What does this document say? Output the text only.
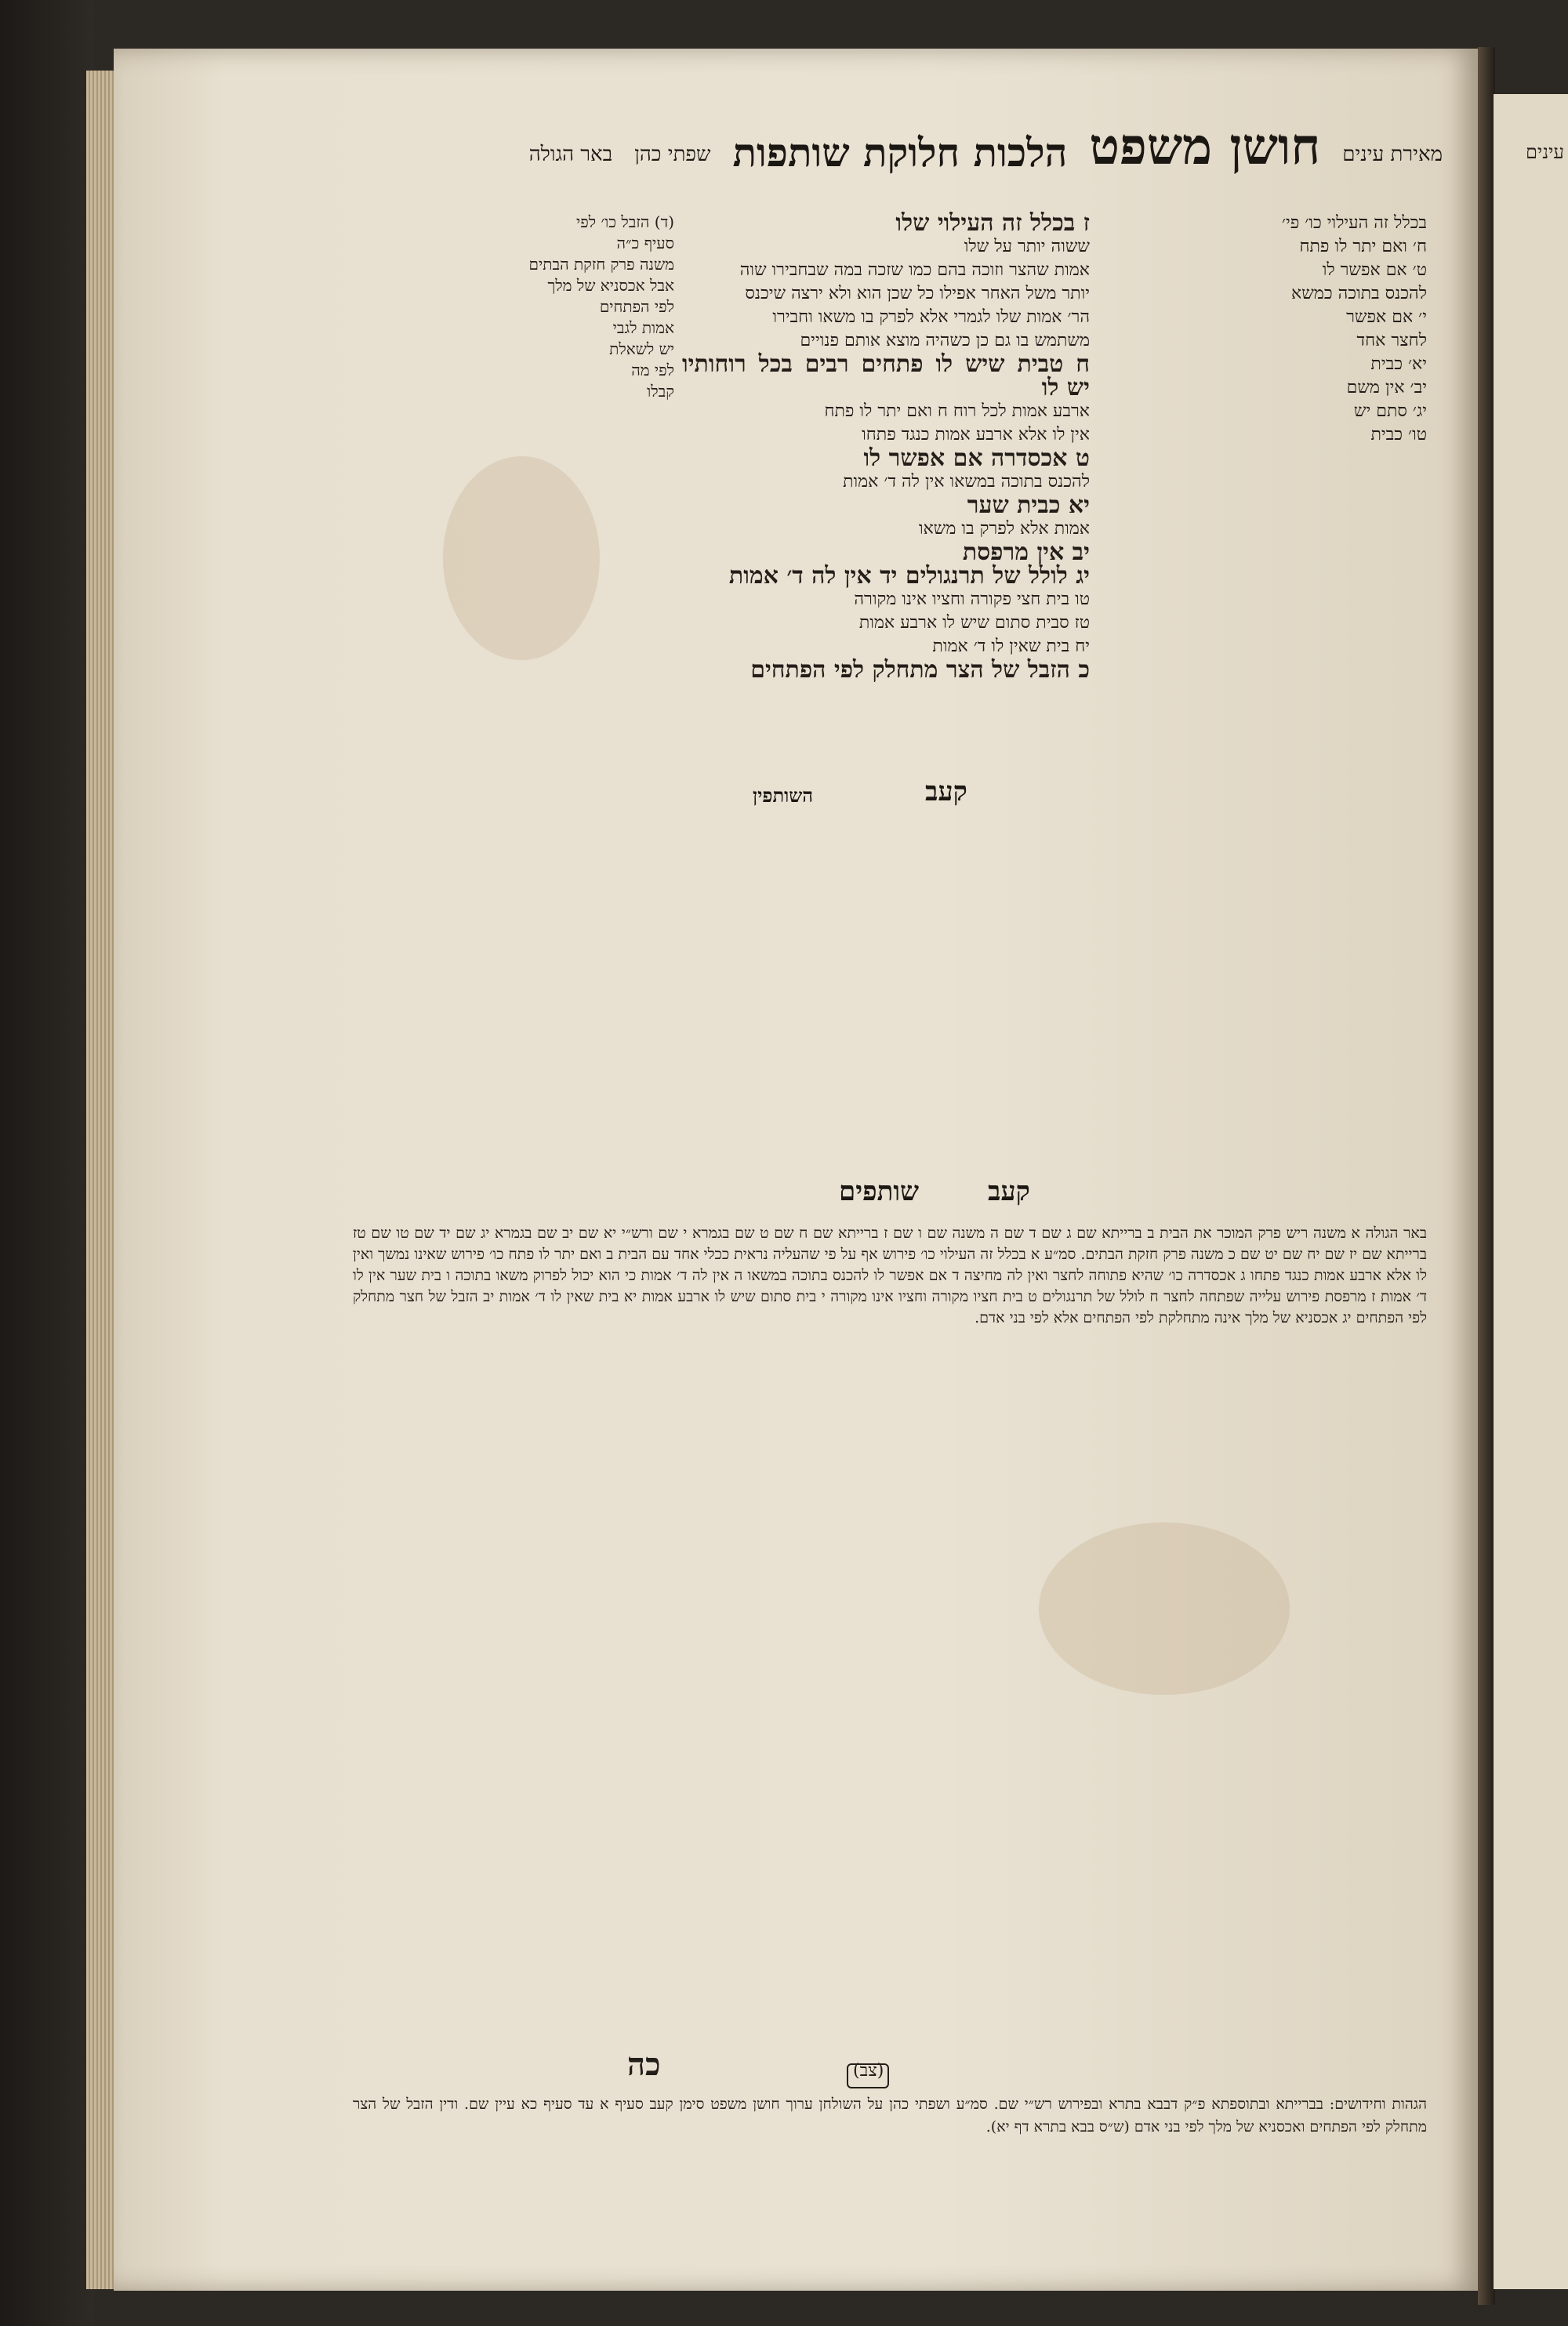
עינים
מאירת עינים
חושן משפט
הלכות חלוקת שותפות
שפתי כהן
באר הגולה
בכלל זה העילוי כו׳ פי׳
ח׳ ואם יתר לו פתח
ט׳ אם אפשר לו
להכנס בתוכה כמשא
י׳ אם אפשר
לחצר אחד
יא׳ כבית
יב׳ אין משם
יג׳ סתם יש
טו׳ כבית
ז בכלל זה העילוי שלו
ששוה יותר על שלו
אמות שהצר וזוכה בהם כמו שזכה במה שבחבירו שוה
יותר משל האחר אפילו כל שכן הוא ולא ירצה שיכנס
הר׳ אמות שלו לגמרי אלא לפרק בו משאו וחבירו
משתמש בו גם כן כשהיה מוצא אותם פנויים
ח טבית שיש לו פתחים רבים בכל רוחותיו יש לו
ארבע אמות לכל רוח ח ואם יתר לו פתח
אין לו אלא ארבע אמות כנגד פתחו
ט אכסדרה אם אפשר לו
להכנס בתוכה במשאו אין לה ד׳ אמות
יא כבית שער
אמות אלא לפרק בו משאו
יב אין מרפסת
יג לולל של תרנגולים יד אין לה ד׳ אמות
טו בית חצי פקורה וחציו אינו מקורה
טז סבית סתום שיש לו ארבע אמות
יח בית שאין לו ד׳ אמות
כ הזבל של הצר מתחלק לפי הפתחים
(ד) הזבל כו׳ לפי
סעיף כ״ה
משנה פרק חזקת הבתים
אבל אכסניא של מלך
לפי הפתחים
אמות לגבי
יש לשאלת
לפי מה
קבלו
קעב
השותפין
קעב
שותפים
באר הגולה א משנה ריש פרק המוכר את הבית ב ברייתא שם ג שם ד שם ה משנה שם ו שם ז ברייתא שם ח שם ט שם בגמרא י שם ורש״י יא שם יב שם בגמרא יג שם יד שם טו שם טז ברייתא שם יז שם יח שם יט שם כ משנה פרק חזקת הבתים. סמ״ע א בכלל זה העילוי כו׳ פירוש אף על פי שהעליה נראית ככלי אחד עם הבית ב ואם יתר לו פתח כו׳ פירוש שאינו נמשך ואין לו אלא ארבע אמות כנגד פתחו ג אכסדרה כו׳ שהיא פתוחה לחצר ואין לה מחיצה ד אם אפשר לו להכנס בתוכה במשאו ה אין לה ד׳ אמות כי הוא יכול לפרוק משאו בתוכה ו בית שער אין לו ד׳ אמות ז מרפסת פירוש עלייה שפתחה לחצר ח לולל של תרנגולים ט בית חציו מקורה וחציו אינו מקורה י בית סתום שיש לו ארבע אמות יא בית שאין לו ד׳ אמות יב הזבל של חצר מתחלק לפי הפתחים יג אכסניא של מלך אינה מתחלקת לפי הפתחים אלא לפי בני אדם.
(צב)
כה
הגהות וחידושים: בברייתא ובתוספתא פ״ק דבבא בתרא ובפירוש רש״י שם. סמ״ע ושפתי כהן על השולחן ערוך חושן משפט סימן קעב סעיף א עד סעיף כא עיין שם. ודין הזבל של הצר מתחלק לפי הפתחים ואכסניא של מלך לפי בני אדם (ש״ס בבא בתרא דף יא).
